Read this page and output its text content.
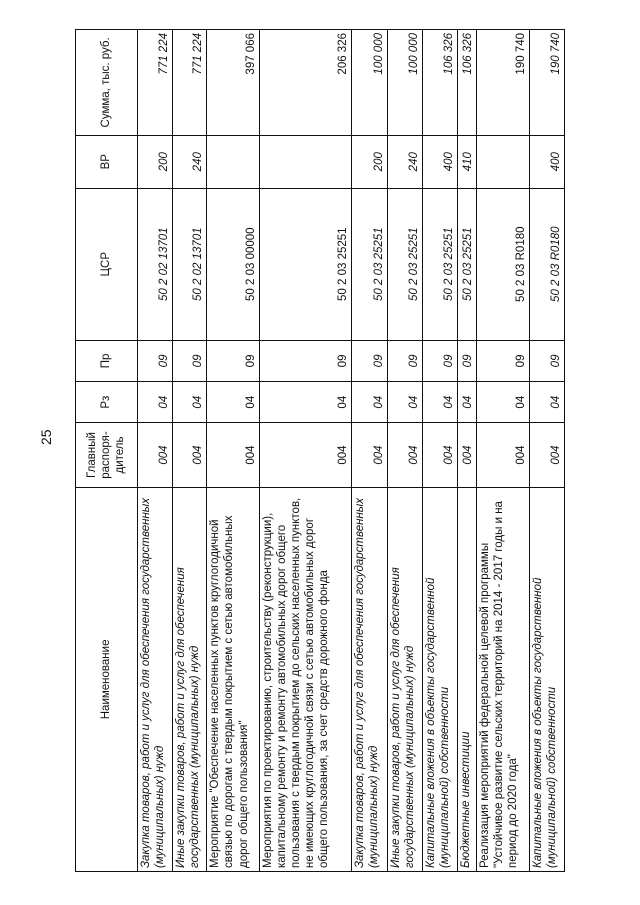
25
Наименование	Главный распоря-дитель	Рз	Пр	ЦСР	ВР	Сумма, тыс. руб.
Закупка товаров, работ и услуг для обеспечения государственных (муниципальных) нужд	004	04	09	50 2 02 13701	200	771 224
Иные закупки товаров, работ и услуг для обеспечения государственных (муниципальных) нужд	004	04	09	50 2 02 13701	240	771 224
Мероприятие "Обеспечение населенных пунктов круглогодичной связью по дорогам с твердым покрытием с сетью автомобильных дорог общего пользования"	004	04	09	50 2 03 00000		397 066
Мероприятия по проектированию, строительству (реконструкции), капитальному ремонту и ремонту автомобильных дорог общего пользования с твердым покрытием до сельских населенных пунктов, не имеющих круглогодичной связи с сетью автомобильных дорог общего пользования, за счет средств дорожного фонда	004	04	09	50 2 03 25251		206 326
Закупка товаров, работ и услуг для обеспечения государственных (муниципальных) нужд	004	04	09	50 2 03 25251	200	100 000
Иные закупки товаров, работ и услуг для обеспечения государственных (муниципальных) нужд	004	04	09	50 2 03 25251	240	100 000
Капитальные вложения в объекты государственной (муниципальной) собственности	004	04	09	50 2 03 25251	400	106 326
Бюджетные инвестиции	004	04	09	50 2 03 25251	410	106 326
Реализация мероприятий федеральной целевой программы "Устойчивое развитие сельских территорий на 2014 - 2017 годы и на период до 2020 года"	004	04	09	50 2 03 R0180		190 740
Капитальные вложения в объекты государственной (муниципальной) собственности	004	04	09	50 2 03 R0180	400	190 740
